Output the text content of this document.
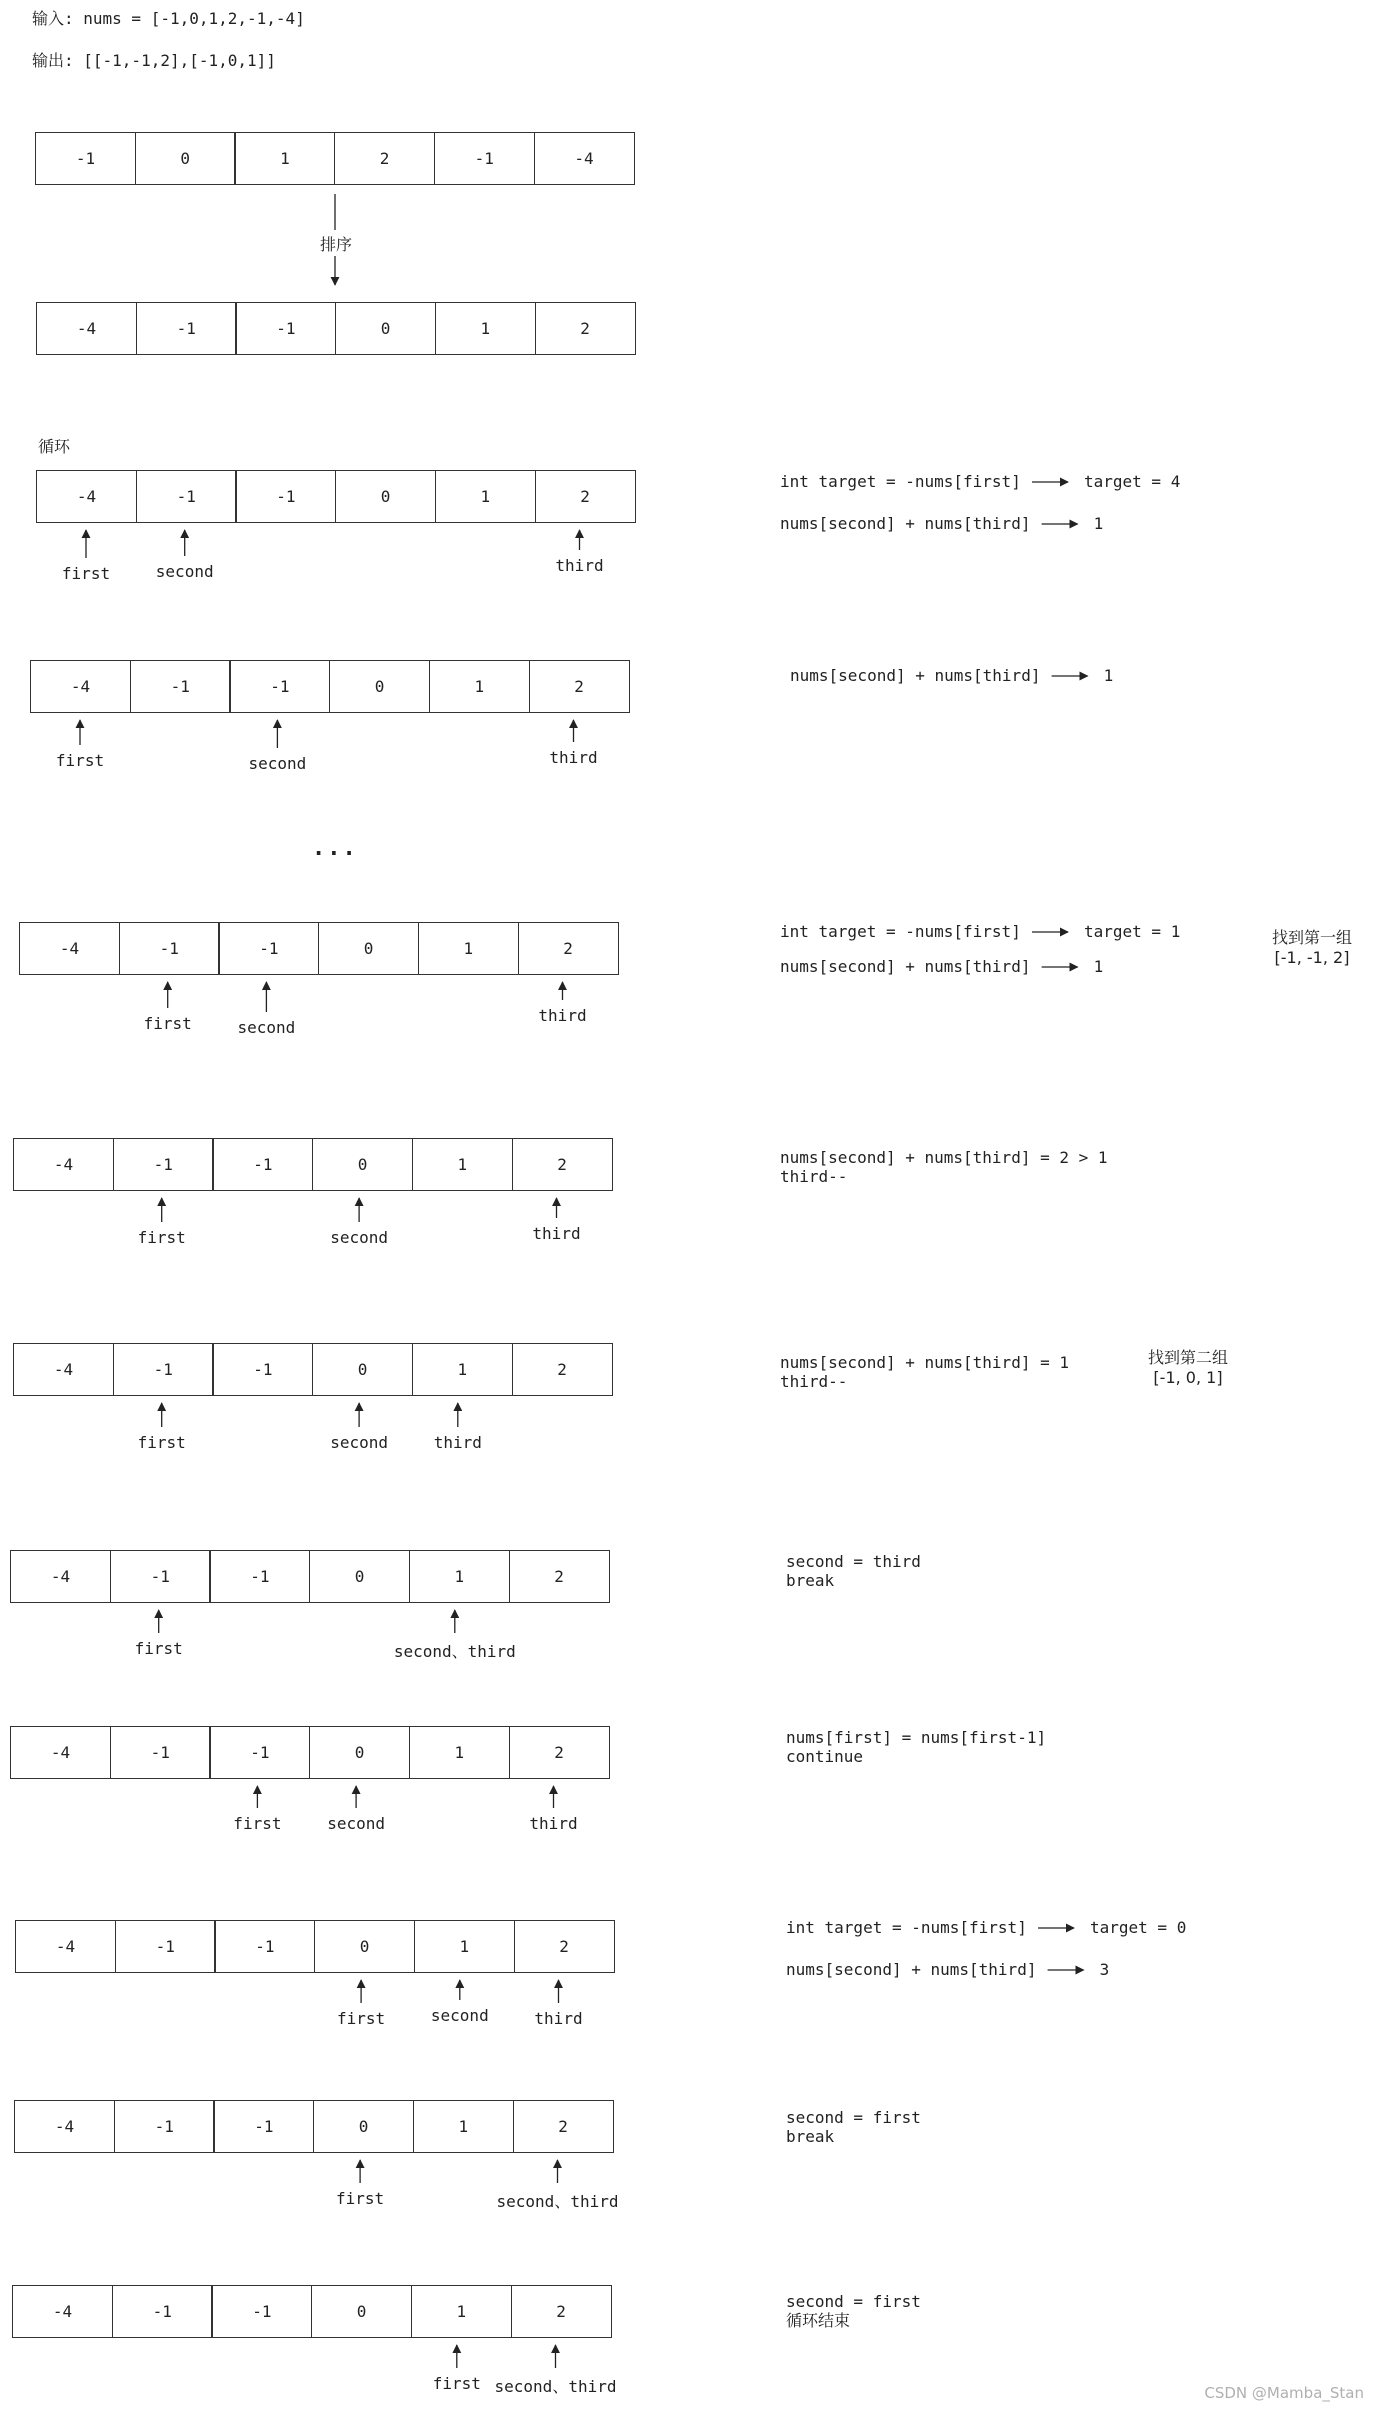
输入: nums = [-1,0,1,2,-1,-4]
输出: [[-1,-1,2],[-1,0,1]]
-1	0	1	2	-1	-4
排序
-4	-1	-1	0	1	2
循环
...
-4	-1	-1	0	1	2
first	second	third
int target = -nums[first]	target = 4
nums[second] + nums[third]	1
-4	-1	-1	0	1	2
first	second	third
nums[second] + nums[third]	1
-4	-1	-1	0	1	2
first	second
third
int target = -nums[first]	target = 1
nums[second] + nums[third]	1
找到第一组
[-1, -1, 2]
-4	-1	-1	0	1	2
first	second	third
nums[second] + nums[third] = 2 > 1
third--
-4	-1	-1	0	1	2
first	second	third
nums[second] + nums[third] = 1
third--
找到第二组
[-1, 0, 1]
-4	-1	-1	0	1	2
first	second、third
second = third
break
-4	-1	-1	0	1	2
first	second	third
nums[first] = nums[first-1]
continue
-4	-1	-1	0	1	2
first	second	third
int target = -nums[first]	target = 0
nums[second] + nums[third]	3
-4	-1	-1	0	1	2
first	second、third
second = first
break
-4	-1	-1	0	1	2
first second、third
second = first
循环结束
CSDN @Mamba_Stan
